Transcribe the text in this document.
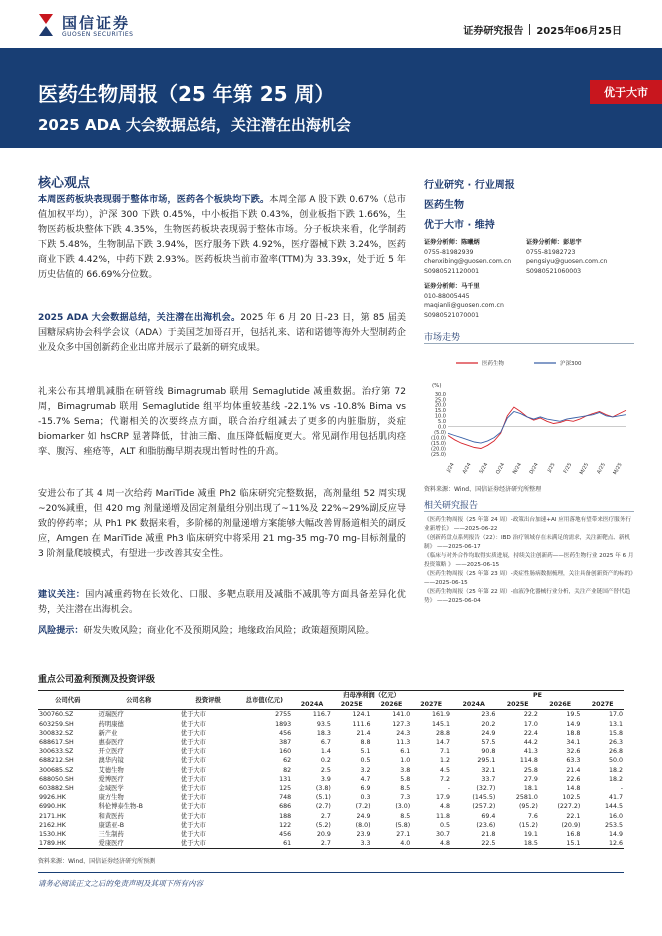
国信证券
GUOSEN SECURITIES	证券研究报告 2025年06月25日
医药生物周报（25 年第 25 周）
2025 ADA 大会数据总结，关注潜在出海机会
优于大市
核心观点
本周医药板块表现弱于整体市场，医药各个板块均下跌。本周全部 A 股下跌 0.67%（总市值加权平均），沪深 300 下跌 0.45%，中小板指下跌 0.43%，创业板指下跌 1.66%，生物医药板块整体下跌 4.35%，生物医药板块表现弱于整体市场。分子板块来看，化学制药下跌 5.48%，生物制品下跌 3.94%，医疗服务下跌 4.92%，医疗器械下跌 3.24%，医药商业下跌 4.42%，中药下跌 2.93%。医药板块当前市盈率(TTM)为 33.39x，处于近 5 年历史估值的 66.69%分位数。
2025 ADA 大会数据总结，关注潜在出海机会。2025 年 6 月 20 日-23 日，第 85 届美国糖尿病协会科学会议（ADA）于美国芝加哥召开，包括礼来、诺和诺德等海外大型制药企业及众多中国创新药企业出席并展示了最新的研究成果。
礼来公布其增肌减脂在研管线 Bimagrumab 联用 Semaglutide 减重数据。治疗第 72 周，Bimagrumab 联用 Semaglutide 组平均体重较基线 -22.1% vs -10.8% Bima vs -15.7% Sema；代谢相关的次要终点方面，联合治疗组减去了更多的内脏脂肪，炎症 biomarker 如 hsCRP 显著降低，甘油三酯、血压降低幅度更大。常见副作用包括肌肉痉挛、腹泻、痤疮等，ALT 和脂肪酶早期表现出暂时性的升高。
安进公布了其 4 周一次给药 MariTide 减重 Ph2 临床研究完整数据，高剂量组 52 周实现~20%减重，但 420 mg 剂量递增及固定剂量组分别出现了~11%及 22%~29%副反应导致的停药率；从 Ph1 PK 数据来看，多阶梯的剂量递增方案能够大幅改善胃肠道相关的副反应，Amgen 在 MariTide 减重 Ph3 临床研究中将采用 21 mg-35 mg-70 mg-目标剂量的 3 阶剂量爬坡模式，有望进一步改善其安全性。
建议关注：国内减重药物在长效化、口服、多靶点联用及减脂不减肌等方面具备差异化优势，关注潜在出海机会。
风险提示：研发失败风险；商业化不及预期风险；地缘政治风险；政策超预期风险。
行业研究 · 行业周报
医药生物
优于大市 · 维持
证券分析师：陈曦炳
0755-81982939
chenxibing@guosen.com.cn
S0980521120001
证券分析师：彭思宇
0755-81982723
pengsiyu@guosen.com.cn
S0980521060003
证券分析师：马千里
010-88005445
maqianli@guosen.com.cn
S0980521070001
市场走势
医药生物	沪深300
(%)
30.0
25.0
20.0
15.0
10.0
5.0
0.0
(5.0)
(10.0)
(15.0)
(20.0)
(25.0)
J/24 A/24 S/24 O/24 N/24 D/24 J/25 F/25 M/25 A/25 M/25
资料来源：Wind、国信证券经济研究所整理
相关研究报告
《医药生物周报（25 年第 24 周）-政策出台加速+AI 应用落地有望带来医疗服务行业新增长》 ——2025-06-22
《创新药盘点系列报告（22）：IBD 治疗领域存在未满足的需求，关注新靶点、新机制》 ——2025-06-17
《临床与对外合作均取得实质进展，持续关注创新药——医药生物行业 2025 年 6 月投资策略 》 ——2025-06-15
《医药生物周报（25 年第 23 周）-炎症性肠病数据梳理，关注具备创新资产的标的》 ——2025-06-15
《医药生物周报（25 年第 22 周）-血液净化器械行业分析，关注产业链国产替代趋势》 ——2025-06-04
重点公司盈利预测及投资评级
公司代码	公司名称	投资评级	总市值(亿元)	归母净利润（亿元）				PE			
				2024A	2025E	2026E	2027E	2024A	2025E	2026E	2027E
300760.SZ	迈瑞医疗	优于大市	2755	116.7	124.1	141.0	161.9	23.6	22.2	19.5	17.0
603259.SH	药明康德	优于大市	1893	93.5	111.6	127.3	145.1	20.2	17.0	14.9	13.1
300832.SZ	新产业	优于大市	456	18.3	21.4	24.3	28.8	24.9	22.4	18.8	15.8
688617.SH	惠泰医疗	优于大市	387	6.7	8.8	11.3	14.7	57.5	44.2	34.1	26.3
300633.SZ	开立医疗	优于大市	160	1.4	5.1	6.1	7.1	90.8	41.3	32.6	26.8
688212.SH	澳华内镜	优于大市	62	0.2	0.5	1.0	1.2	295.1	114.8	63.3	50.0
300685.SZ	艾德生物	优于大市	82	2.5	3.2	3.8	4.5	32.1	25.8	21.4	18.2
688050.SH	爱博医疗	优于大市	131	3.9	4.7	5.8	7.2	33.7	27.9	22.6	18.2
603882.SH	金域医学	优于大市	125	(3.8)	6.9	8.5	-	(32.7)	18.1	14.8	-
9926.HK	康方生物	优于大市	748	(5.1)	0.3	7.3	17.9	(145.5)	2581.0	102.5	41.7
6990.HK	科伦博泰生物-B	优于大市	686	(2.7)	(7.2)	(3.0)	4.8	(257.2)	(95.2)	(227.2)	144.5
2171.HK	和黄医药	优于大市	188	2.7	24.9	8.5	11.8	69.4	7.6	22.1	16.0
2162.HK	康诺亚-B	优于大市	122	(5.2)	(8.0)	(5.8)	0.5	(23.6)	(15.2)	(20.9)	253.5
1530.HK	三生制药	优于大市	456	20.9	23.9	27.1	30.7	21.8	19.1	16.8	14.9
1789.HK	爱康医疗	优于大市	61	2.7	3.3	4.0	4.8	22.5	18.5	15.1	12.6
资料来源：Wind、国信证券经济研究所预测
请务必阅读正文之后的免责声明及其项下所有内容
